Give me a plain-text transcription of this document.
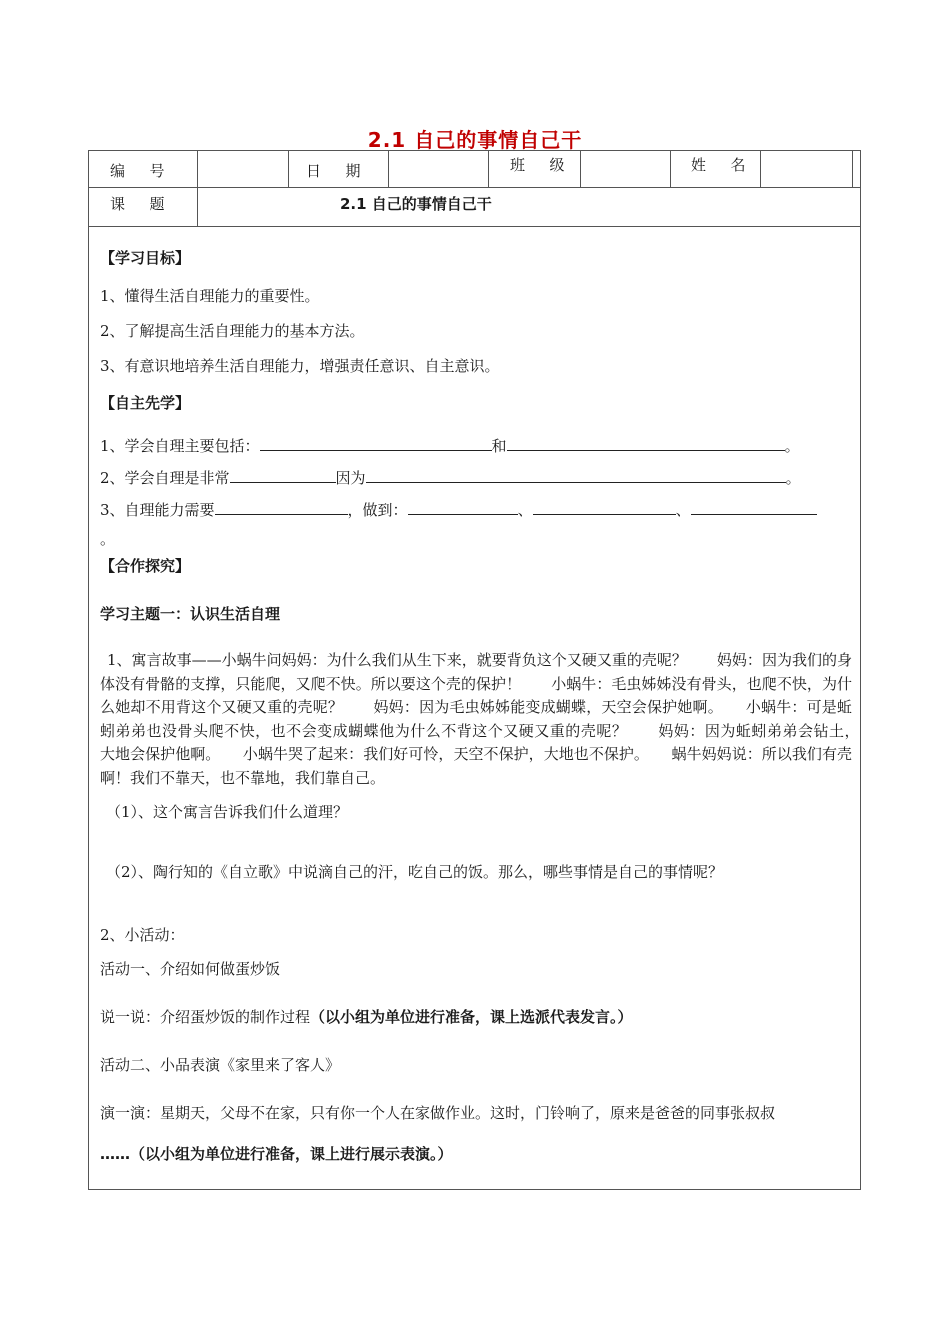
2.1 自己的事情自己干
编  　号	日  　期	班  　级	姓  　名
课  　题	2.1 自己的事情自己干
【学习目标】
1、懂得生活自理能力的重要性。
2、了解提高生活自理能力的基本方法。
3、有意识地培养生活自理能力，增强责任意识、自主意识。
【自主先学】
1、学会自理主要包括：	和	。
2、学会自理是非常	因为	。
3、自理能力需要	，做到：	、	、
。
【合作探究】
学习主题一：认识生活自理
1、寓言故事——小蜗牛问妈妈：为什么我们从生下来，就要背负这个又硬又重的壳呢？　　妈妈：因为我们的身体没有骨骼的支撑，只能爬，又爬不快。所以要这个壳的保护！　　小蜗牛：毛虫姊姊没有骨头，也爬不快，为什么她却不用背这个又硬又重的壳呢？　　妈妈：因为毛虫姊姊能变成蝴蝶，天空会保护她啊。　　小蜗牛：可是蚯蚓弟弟也没骨头爬不快，也不会变成蝴蝶他为什么不背这个又硬又重的壳呢？　　妈妈：因为蚯蚓弟弟会钻土，　大地会保护他啊。　　小蜗牛哭了起来：我们好可怜，天空不保护，大地也不保护。　　蜗牛妈妈说：所以我们有壳啊！我们不靠天，也不靠地，我们靠自己。
（1）、这个寓言告诉我们什么道理？
（2）、陶行知的《自立歌》中说滴自己的汗，吃自己的饭。那么，哪些事情是自己的事情呢？
2、小活动：
活动一、介绍如何做蛋炒饭
说一说：介绍蛋炒饭的制作过程（以小组为单位进行准备，课上选派代表发言。）
活动二、小品表演《家里来了客人》
演一演：星期天，父母不在家，只有你一个人在家做作业。这时，门铃响了，原来是爸爸的同事张叔叔
……（以小组为单位进行准备，课上进行展示表演。）
